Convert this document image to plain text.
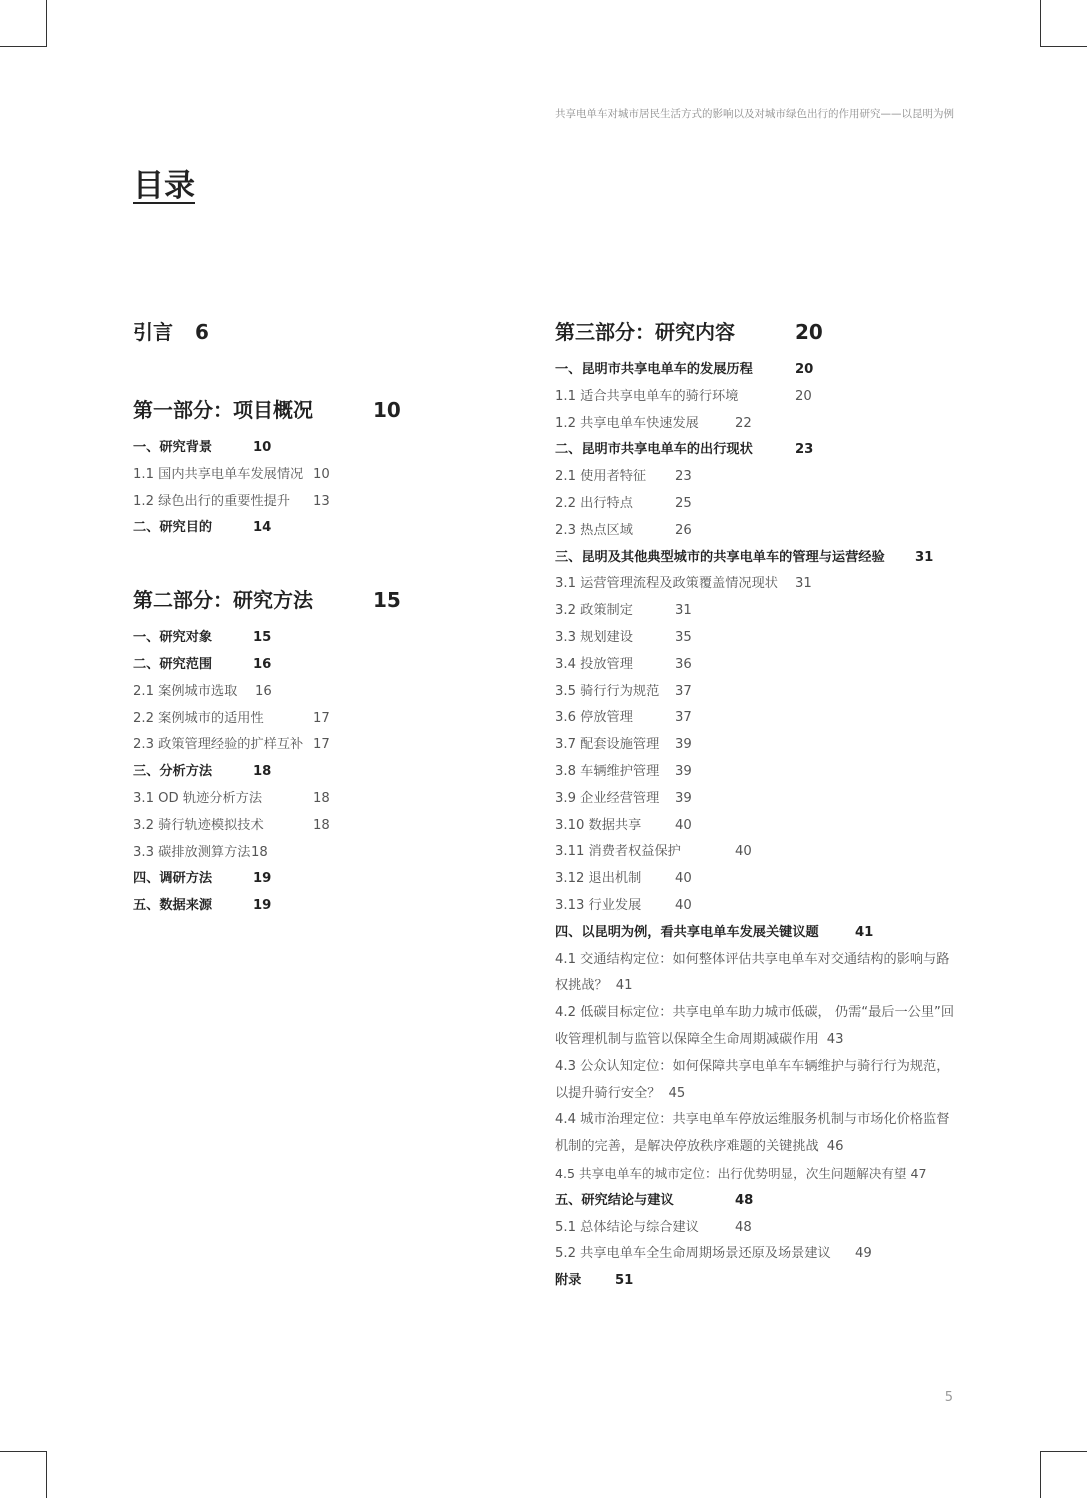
共享电单车对城市居民生活方式的影响以及对城市绿色出行的作用研究——以昆明为例
目录
引言 6
第一部分：项目概况	10
一、研究背景	10
1.1 国内共享电单车发展情况 10
1.2 绿色出行的重要性提升	13
二、研究目的	14
第二部分：研究方法	15
一、研究对象	15
二、研究范围	16
2.1 案例城市选取	16
2.2 案例城市的适用性	17
2.3 政策管理经验的扩样互补 17
三、分析方法	18
3.1 OD 轨迹分析方法	18
3.2 骑行轨迹模拟技术	18
3.3 碳排放测算方法 18
四、调研方法	19
五、数据来源	19
第三部分：研究内容	20
一、昆明市共享电单车的发展历程	20
1.1 适合共享电单车的骑行环境	20
1.2 共享电单车快速发展	22
二、昆明市共享电单车的出行现状	23
2.1 使用者特征	23
2.2 出行特点	25
2.3 热点区域	26
三、昆明及其他典型城市的共享电单车的管理与运营经验	31
3.1 运营管理流程及政策覆盖情况现状	31
3.2 政策制定	31
3.3 规划建设	35
3.4 投放管理	36
3.5 骑行行为规范	37
3.6 停放管理	37
3.7 配套设施管理	39
3.8 车辆维护管理	39
3.9 企业经营管理	39
3.10 数据共享	40
3.11 消费者权益保护	40
3.12 退出机制	40
3.13 行业发展	40
四、以昆明为例，看共享电单车发展关键议题	41
4.1 交通结构定位：如何整体评估共享电单车对交通结构的影响与路权挑战？ 41
4.2 低碳目标定位：共享电单车助力城市低碳， 仍需“最后一公里”回收管理机制与监管以保障全生命周期减碳作用 43
4.3 公众认知定位：如何保障共享电单车车辆维护与骑行行为规范，以提升骑行安全？ 45
4.4 城市治理定位：共享电单车停放运维服务机制与市场化价格监督机制的完善，是解决停放秩序难题的关键挑战 46
4.5 共享电单车的城市定位：出行优势明显，次生问题解决有望 47
五、研究结论与建议	48
5.1 总体结论与综合建议	48
5.2 共享电单车全生命周期场景还原及场景建议	49
附录	51
5
